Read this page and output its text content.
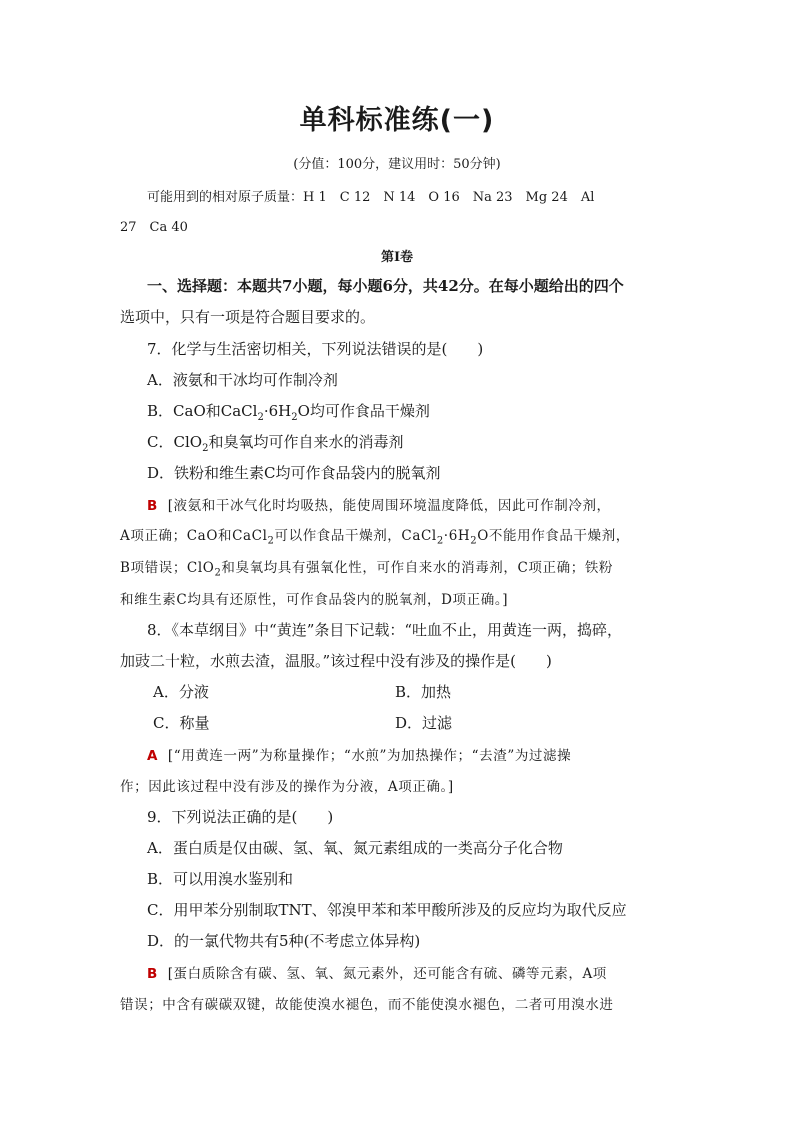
单科标准练(一)
(分值：100分，建议用时：50分钟)
可能用到的相对原子质量：H 1　C 12　N 14　O 16　Na 23　Mg 24　Al
27　Ca 40
第Ⅰ卷
一、选择题：本题共7小题，每小题6分，共42分。在每小题给出的四个
选项中，只有一项是符合题目要求的。
7．化学与生活密切相关，下列说法错误的是(　　)
A．液氨和干冰均可作制冷剂
B．CaO和$CaCl_2\cdot 6H_2O$均可作食品干燥剂
C．ClO$_2$和臭氧均可作自来水的消毒剂
D．铁粉和维生素C均可作食品袋内的脱氧剂
B [液氨和干冰气化时均吸热，能使周围环境温度降低，因此可作制冷剂，
A项正确；CaO和CaCl$_2$可以作食品干燥剂，$CaCl_2\cdot 6H_2O$不能用作食品干燥剂，
B项错误；ClO$_2$和臭氧均具有强氧化性，可作自来水的消毒剂，C项正确；铁粉
和维生素C均具有还原性，可作食品袋内的脱氧剂，D项正确。]
8．《本草纲目》中“黄连”条目下记载：“吐血不止，用黄连一两，捣碎，
加豉二十粒，水煎去渣，温服。”该过程中没有涉及的操作是(　　)
A．分液	B．加热
C．称量	D．过滤
A [“用黄连一两”为称量操作；“水煎”为加热操作；“去渣”为过滤操
作；因此该过程中没有涉及的操作为分液，A项正确。]
9．下列说法正确的是(　　)
A．蛋白质是仅由碳、氢、氧、氮元素组成的一类高分子化合物
B．可以用溴水鉴别和
C．用甲苯分别制取TNT、邻溴甲苯和苯甲酸所涉及的反应均为取代反应
D．的一氯代物共有5种(不考虑立体异构)
B [蛋白质除含有碳、氢、氧、氮元素外，还可能含有硫、磷等元素，A项
错误；中含有碳碳双键，故能使溴水褪色，而不能使溴水褪色，二者可用溴水进
